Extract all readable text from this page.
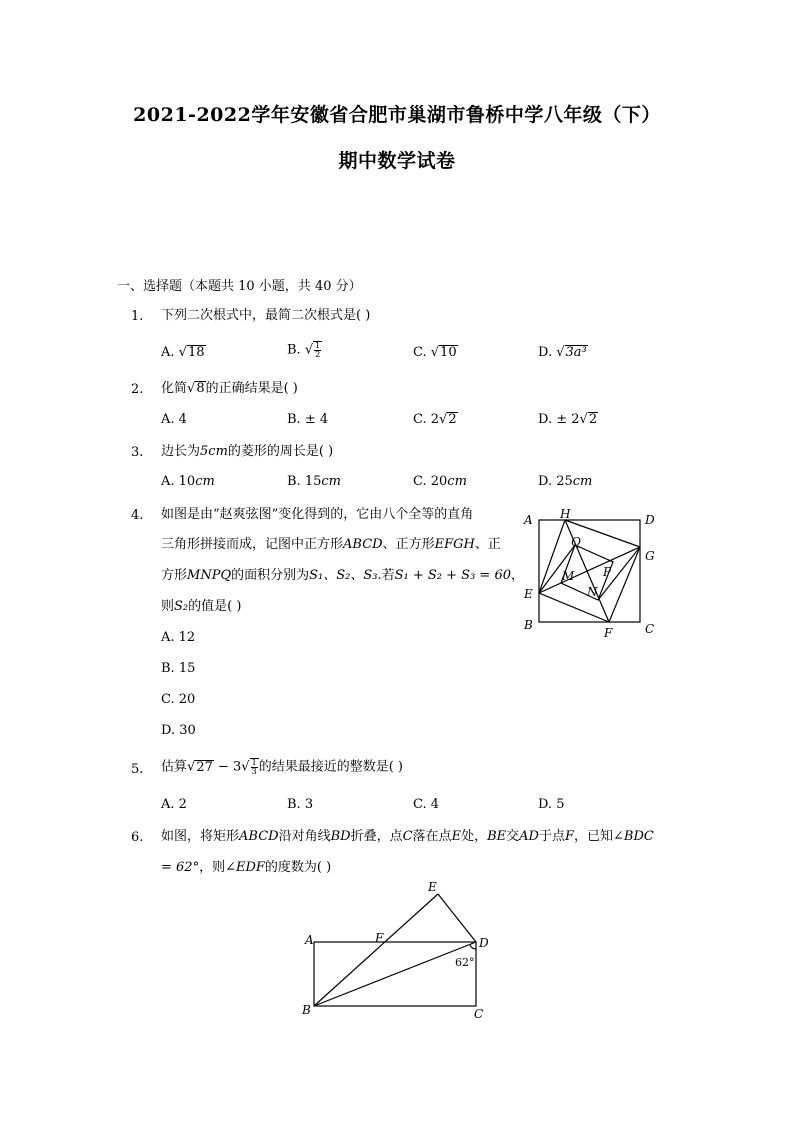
2021-2022学年安徽省合肥市巢湖市鲁桥中学八年级（下）
期中数学试卷
一、选择题（本题共 10 小题，共 40 分）
1. 下列二次根式中，最简二次根式是( )
A. √18	B. √ $\frac{1}{2}$	C. √10	D. √3a³
2. 化简√8的正确结果是( )
A. 4	B. ± 4	C. 2√2	D. ± 2√2
3. 边长为5cm的菱形的周长是( )
A. 10cm	B. 15cm	C. 20cm	D. 25cm
4. 如图是由“赵爽弦图”变化得到的，它由八个全等的直角
三角形拼接而成，记图中正方形ABCD、正方形EFGH、正
方形MNPQ的面积分别为S₁、S₂、S₃.若S₁ + S₂ + S₃ = 60，
则S₂的值是( )
A. 12
B. 15
C. 20
D. 30
A H	D
Q
G
M P
E	N
B
F	C
5. 估算$√27 - 3√ \frac{1}{3}$ 的结果最接近的整数是( )
A. 2	B. 3	C. 4	D. 5
6. 如图，将矩形ABCD沿对角线BD折叠，点C落在点E处，BE交AD于点F，已知∠BDC
= 62°，则∠EDF的度数为( )
E
A	F	D
62°
B	C
